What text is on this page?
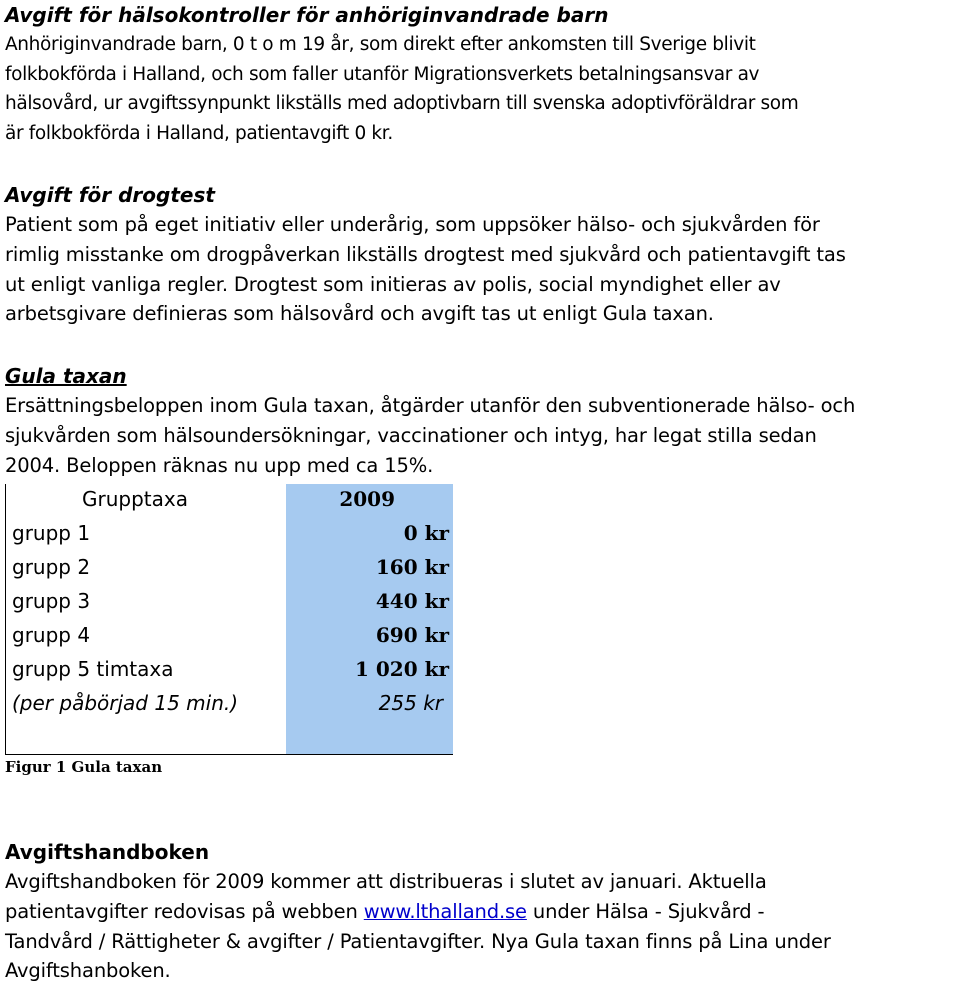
Avgift för hälsokontroller för anhöriginvandrade barn

Anhöriginvandrade barn, 0 t o m 19 år, som direkt efter ankomsten till Sverige blivit

folkbokförda i Halland, och som faller utanför Migrationsverkets betalningsansvar av

hälsovård, ur avgiftssynpunkt likställs med adoptivbarn till svenska adoptivföräldrar som

är folkbokförda i Halland, patientavgift 0 kr.

Avgift för drogtest

Patient som på eget initiativ eller underårig, som uppsöker hälso- och sjukvården för

rimlig misstanke om drogpåverkan likställs drogtest med sjukvård och patientavgift tas

ut enligt vanliga regler. Drogtest som initieras av polis, social myndighet eller av

arbetsgivare definieras som hälsovård och avgift tas ut enligt Gula taxan.

Gula taxan

Ersättningsbeloppen inom Gula taxan, åtgärder utanför den subventionerade hälso- och

sjukvården som hälsoundersökningar, vaccinationer och intyg, har legat stilla sedan

2004. Beloppen räknas nu upp med ca 15%.

Grupptaxa	2009
grupp 1	0 kr
grupp 2	160 kr
grupp 3	440 kr
grupp 4	690 kr
grupp 5 timtaxa	1 020 kr
(per påbörjad 15 min.)	255 kr
Figur 1 Gula taxan

Avgiftshandboken

Avgiftshandboken för 2009 kommer att distribueras i slutet av januari. Aktuella

patientavgifter redovisas på webben www.lthalland.se under Hälsa - Sjukvård -

Tandvård / Rättigheter & avgifter / Patientavgifter. Nya Gula taxan finns på Lina under

Avgiftshanboken.
